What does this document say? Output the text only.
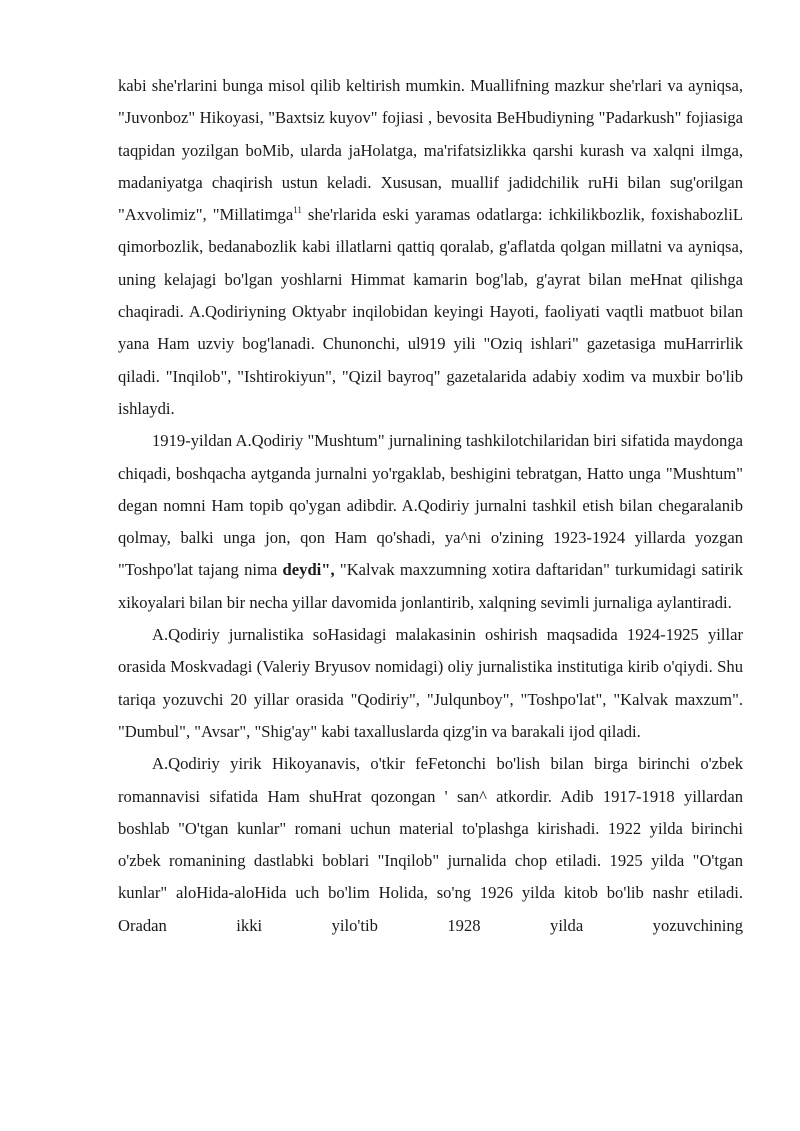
kabi she'rlarini bunga misol qilib keltirish mumkin. Muallifning mazkur she'rlari va ayniqsa, "Juvonboz" Hikoyasi, "Baxtsiz kuyov" fojiasi , bevosita BeHbudiyning "Padarkush" fojiasiga taqpidan yozilgan boMib, ularda jaHolatga, ma'rifatsizlikka qarshi kurash va xalqni ilmga, madaniyatga chaqirish ustun keladi. Xususan, muallif jadidchilik ruHi bilan sug'orilgan "Axvolimiz", "Millatimga$^{11}$ she'rlarida eski yaramas odatlarga: ichkilikbozlik, foxishabozliL qimorbozlik, bedanabozlik kabi illatlarni qattiq qoralab, g'aflatda qolgan millatni va ayniqsa, uning kelajagi bo'lgan yoshlarni Himmat kamarin bog'lab, g'ayrat bilan meHnat qilishga chaqiradi. A.Qodiriyning Oktyabr inqilobidan keyingi Hayoti, faoliyati vaqtli matbuot bilan yana Ham uzviy bog'lanadi. Chunonchi, ul919 yili "Oziq ishlari" gazetasiga muHarrirlik qiladi. "Inqilob", "Ishtirokiyun", "Qizil bayroq" gazetalarida adabiy xodim va muxbir bo'lib ishlaydi.

1919-yildan A.Qodiriy "Mushtum" jurnalining tashkilotchilaridan biri sifatida maydonga chiqadi, boshqacha aytganda jurnalni yo'rgaklab, beshigini tebratgan, Hatto unga "Mushtum" degan nomni Ham topib qo'ygan adibdir. A.Qodiriy jurnalni tashkil etish bilan chegaralanib qolmay, balki unga jon, qon Ham qo'shadi, ya^ni o'zining 1923-1924 yillarda yozgan "Toshpo'lat tajang nima deydi", "Kalvak maxzumning xotira daftaridan" turkumidagi satirik xikoyalari bilan bir necha yillar davomida jonlantirib, xalqning sevimli jurnaliga aylantiradi.

A.Qodiriy jurnalistika soHasidagi malakasinin oshirish maqsadida 1924-1925 yillar orasida Moskvadagi (Valeriy Bryusov nomidagi) oliy jurnalistika institutiga kirib o'qiydi. Shu tariqa yozuvchi 20 yillar orasida "Qodiriy", "Julqunboy", "Toshpo'lat", "Kalvak maxzum". "Dumbul", "Avsar", "Shig'ay" kabi taxalluslarda qizg'in va barakali ijod qiladi.

A.Qodiriy yirik Hikoyanavis, o'tkir feFetonchi bo'lish bilan birga birinchi o'zbek romannavisi sifatida Ham shuHrat qozongan ' san^ atkordir. Adib 1917-1918 yillardan boshlab "O'tgan kunlar" romani uchun material to'plashga kirishadi. 1922 yilda birinchi o'zbek romanining dastlabki boblari "Inqilob" jurnalida chop etiladi. 1925 yilda "O'tgan kunlar" aloHida-aloHida uch bo'lim Holida, so'ng 1926 yilda kitob bo'lib nashr etiladi. Oradan ikki yilo'tib 1928 yilda yozuvchining
